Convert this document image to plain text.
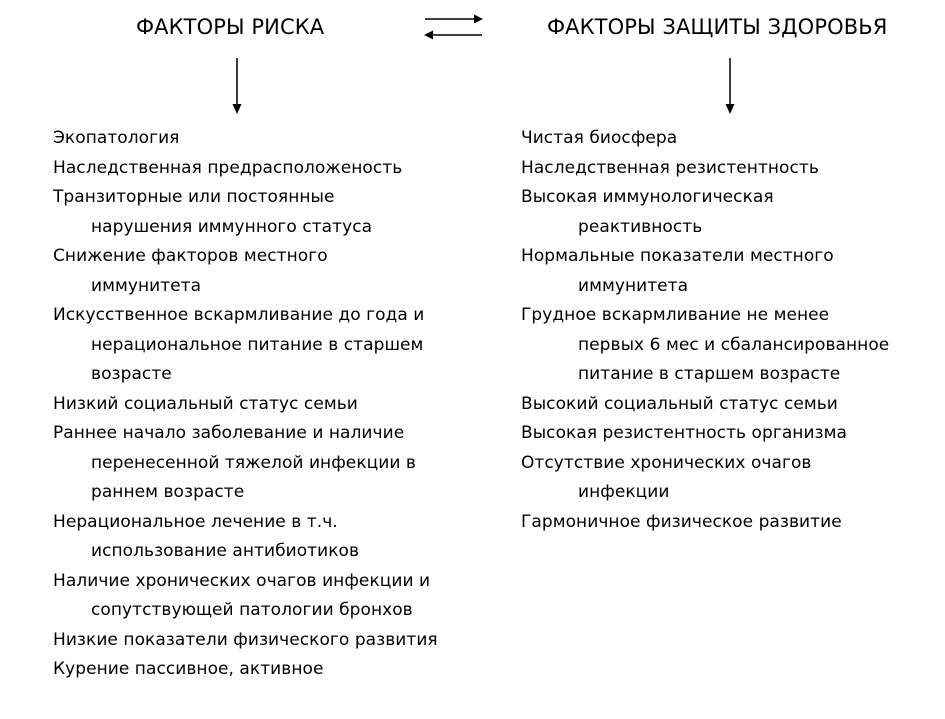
ФАКТОРЫ РИСКА	ФАКТОРЫ ЗАЩИТЫ ЗДОРОВЬЯ
Экопатология
Наследственная предрасположеность
Транзиторные или постоянные
нарушения иммунного статуса
Снижение факторов местного
иммунитета
Искусственное вскармливание до года и
нерациональное питание в старшем
возрасте
Низкий социальный статус семьи
Раннее начало заболевание и наличие
перенесенной тяжелой инфекции в
раннем возрасте
Нерациональное лечение в т.ч.
использование антибиотиков
Наличие хронических очагов инфекции и
сопутствующей патологии бронхов
Низкие показатели физического развития
Курение пассивное, активное
Чистая биосфера
Наследственная резистентность
Высокая иммунологическая
реактивность
Нормальные показатели местного
иммунитета
Грудное вскармливание не менее
первых 6 мес и сбалансированное
питание в старшем возрасте
Высокий социальный статус семьи
Высокая резистентность организма
Отсутствие хронических очагов
инфекции
Гармоничное физическое развитие
